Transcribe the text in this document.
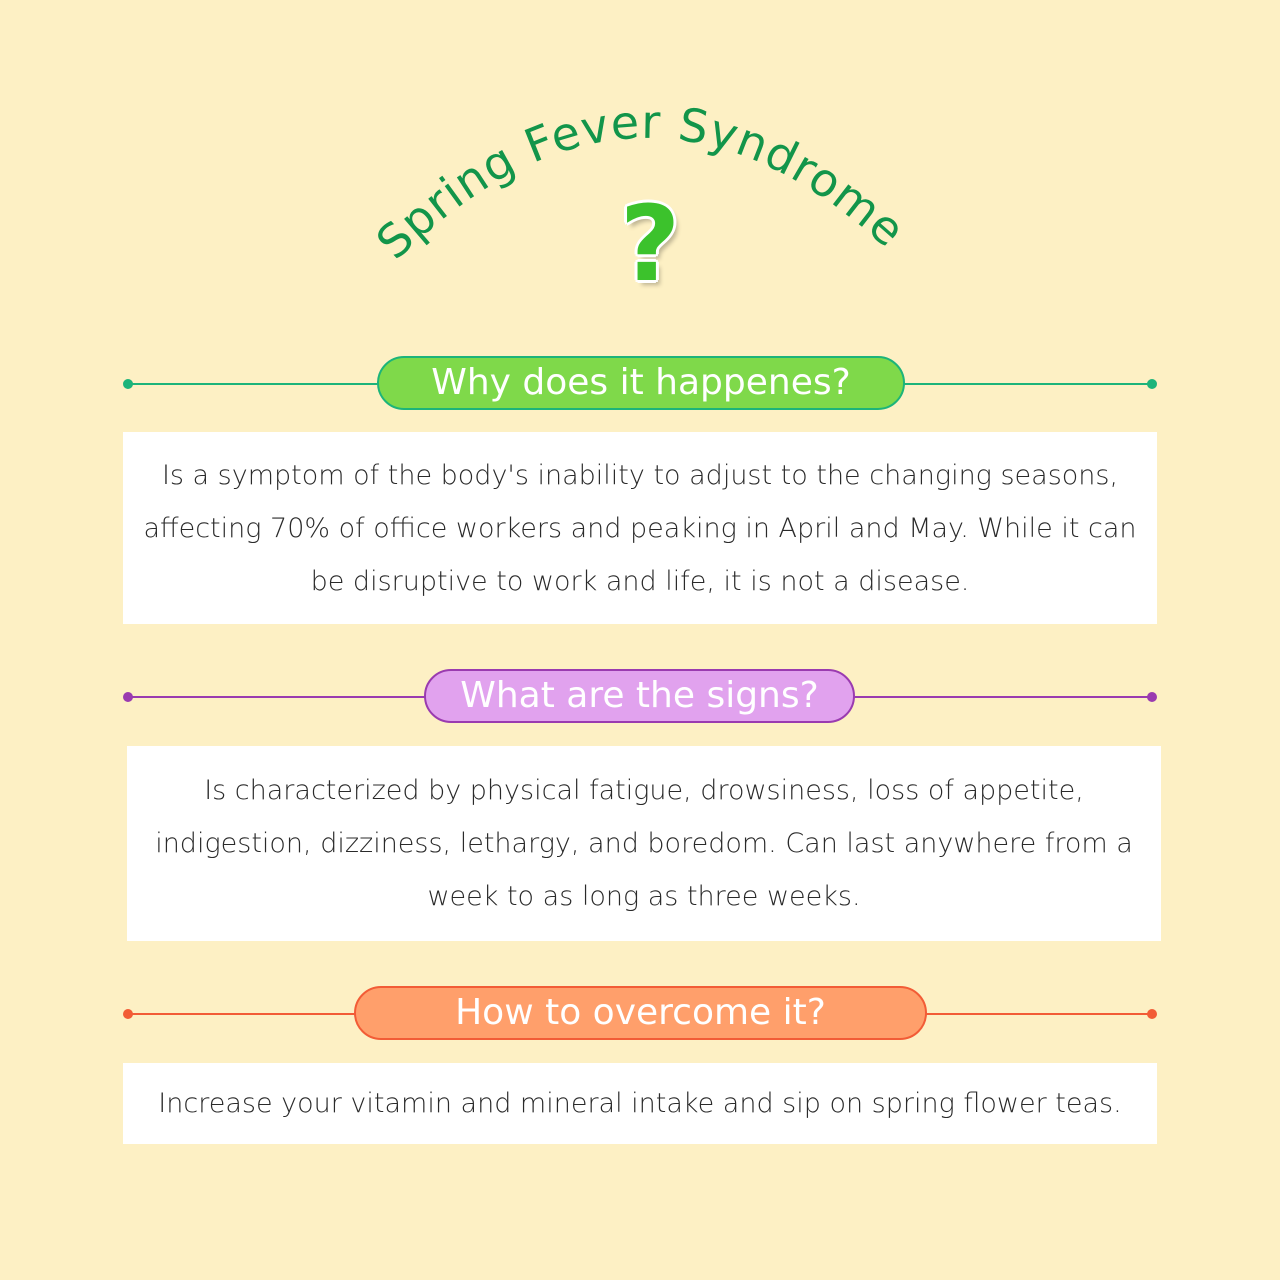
Spring Fever Syndrome
?
Why does it happenes?

Is a symptom of the body's inability to adjust to the changing seasons, affecting 70% of office workers and peaking in April and May. While it can be disruptive to work and life, it is not a disease.

What are the signs?

Is characterized by physical fatigue, drowsiness, loss of appetite, indigestion, dizziness, lethargy, and boredom. Can last anywhere from a week to as long as three weeks.

How to overcome it?

Increase your vitamin and mineral intake and sip on spring flower teas.
